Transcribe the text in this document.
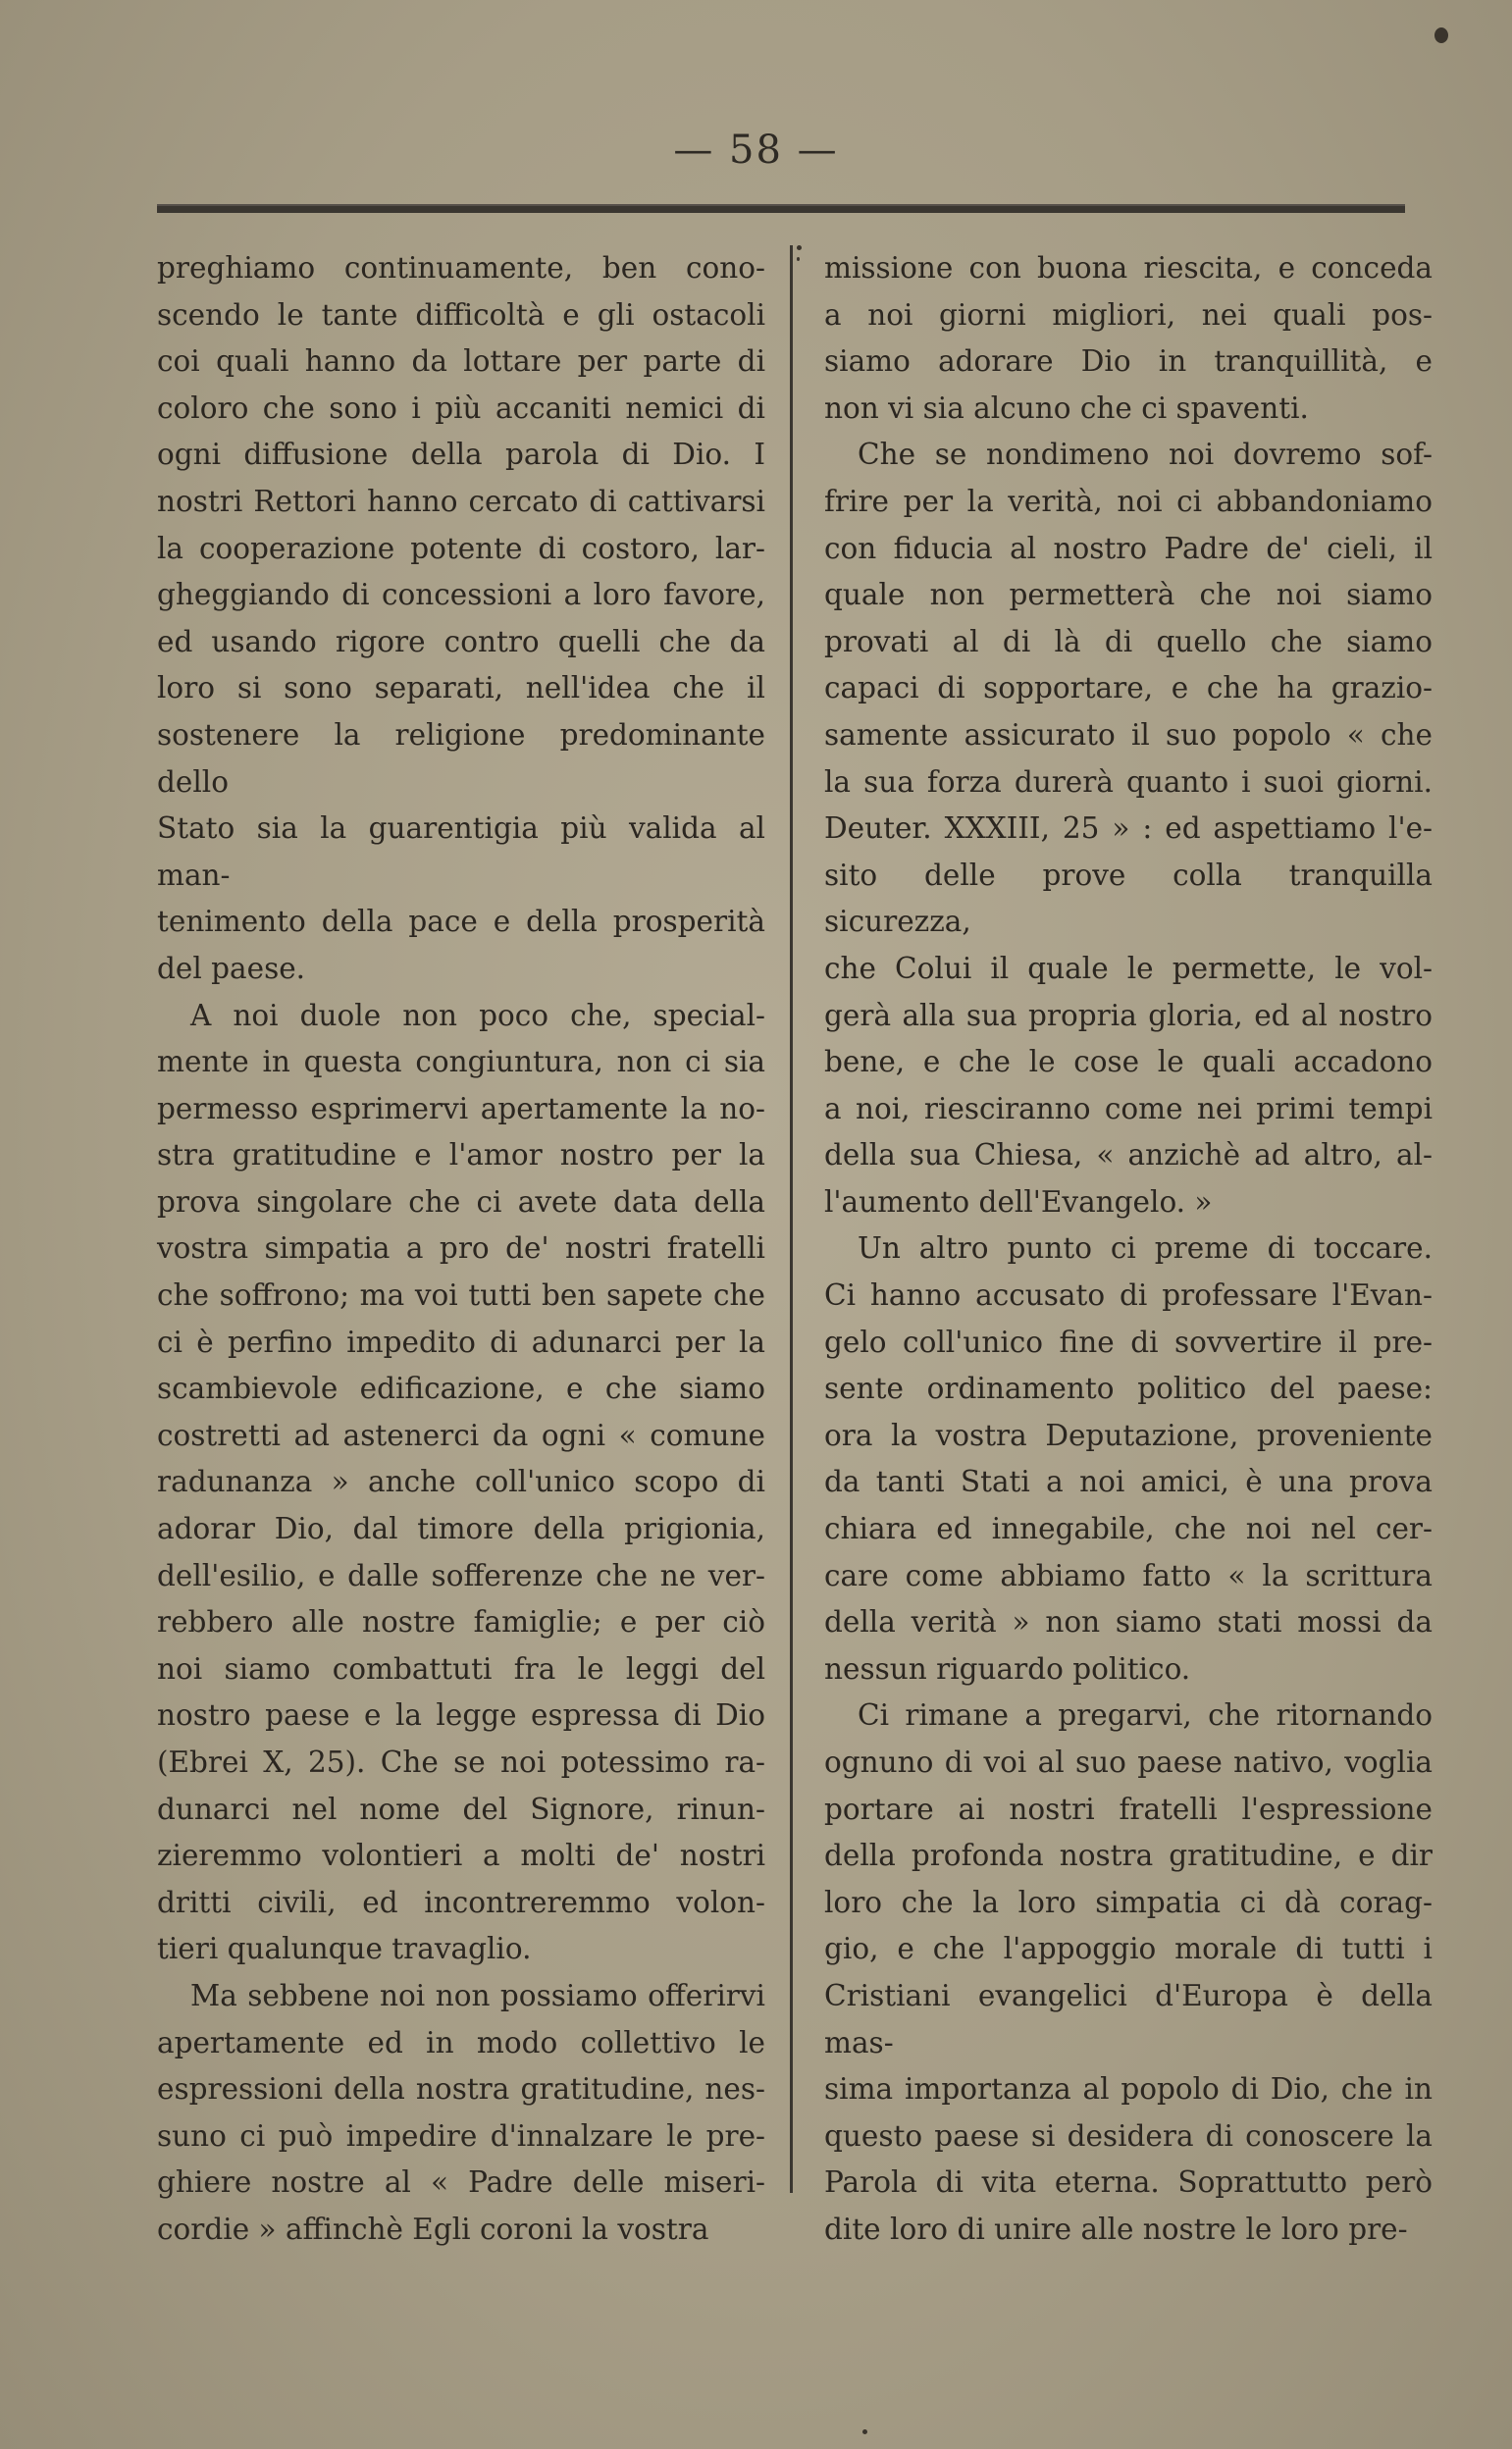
— 58 —

preghiamo continuamente, ben cono-
scendo le tante difficoltà e gli ostacoli
coi quali hanno da lottare per parte di
coloro che sono i più accaniti nemici di
ogni diffusione della parola di Dio. I
nostri Rettori hanno cercato di cattivarsi
la cooperazione potente di costoro, lar-
gheggiando di concessioni a loro favore,
ed usando rigore contro quelli che da
loro si sono separati, nell'idea che il
sostenere la religione predominante dello
Stato sia la guarentigia più valida al man-
tenimento della pace e della prosperità
del paese.

A noi duole non poco che, special-
mente in questa congiuntura, non ci sia
permesso esprimervi apertamente la no-
stra gratitudine e l'amor nostro per la
prova singolare che ci avete data della
vostra simpatia a pro de' nostri fratelli
che soffrono; ma voi tutti ben sapete che
ci è perfino impedito di adunarci per la
scambievole edificazione, e che siamo
costretti ad astenerci da ogni « comune
radunanza » anche coll'unico scopo di
adorar Dio, dal timore della prigionia,
dell'esilio, e dalle sofferenze che ne ver-
rebbero alle nostre famiglie; e per ciò
noi siamo combattuti fra le leggi del
nostro paese e la legge espressa di Dio
(Ebrei X, 25). Che se noi potessimo ra-
dunarci nel nome del Signore, rinun-
zieremmo volontieri a molti de' nostri
dritti civili, ed incontreremmo volon-
tieri qualunque travaglio.

Ma sebbene noi non possiamo offerirvi
apertamente ed in modo collettivo le
espressioni della nostra gratitudine, nes-
suno ci può impedire d'innalzare le pre-
ghiere nostre al « Padre delle miseri-
cordie » affinchè Egli coroni la vostra

missione con buona riescita, e conceda
a noi giorni migliori, nei quali pos-
siamo adorare Dio in tranquillità, e
non vi sia alcuno che ci spaventi.

Che se nondimeno noi dovremo sof-
frire per la verità, noi ci abbandoniamo
con fiducia al nostro Padre de' cieli, il
quale non permetterà che noi siamo
provati al di là di quello che siamo
capaci di sopportare, e che ha grazio-
samente assicurato il suo popolo « che
la sua forza durerà quanto i suoi giorni.
Deuter. XXXIII, 25 » : ed aspettiamo l'e-
sito delle prove colla tranquilla sicurezza,
che Colui il quale le permette, le vol-
gerà alla sua propria gloria, ed al nostro
bene, e che le cose le quali accadono
a noi, riesciranno come nei primi tempi
della sua Chiesa, « anzichè ad altro, al-
l'aumento dell'Evangelo. »

Un altro punto ci preme di toccare.
Ci hanno accusato di professare l'Evan-
gelo coll'unico fine di sovvertire il pre-
sente ordinamento politico del paese:
ora la vostra Deputazione, proveniente
da tanti Stati a noi amici, è una prova
chiara ed innegabile, che noi nel cer-
care come abbiamo fatto « la scrittura
della verità » non siamo stati mossi da
nessun riguardo politico.

Ci rimane a pregarvi, che ritornando
ognuno di voi al suo paese nativo, voglia
portare ai nostri fratelli l'espressione
della profonda nostra gratitudine, e dir
loro che la loro simpatia ci dà corag-
gio, e che l'appoggio morale di tutti i
Cristiani evangelici d'Europa è della mas-
sima importanza al popolo di Dio, che in
questo paese si desidera di conoscere la
Parola di vita eterna. Soprattutto però
dite loro di unire alle nostre le loro pre-
